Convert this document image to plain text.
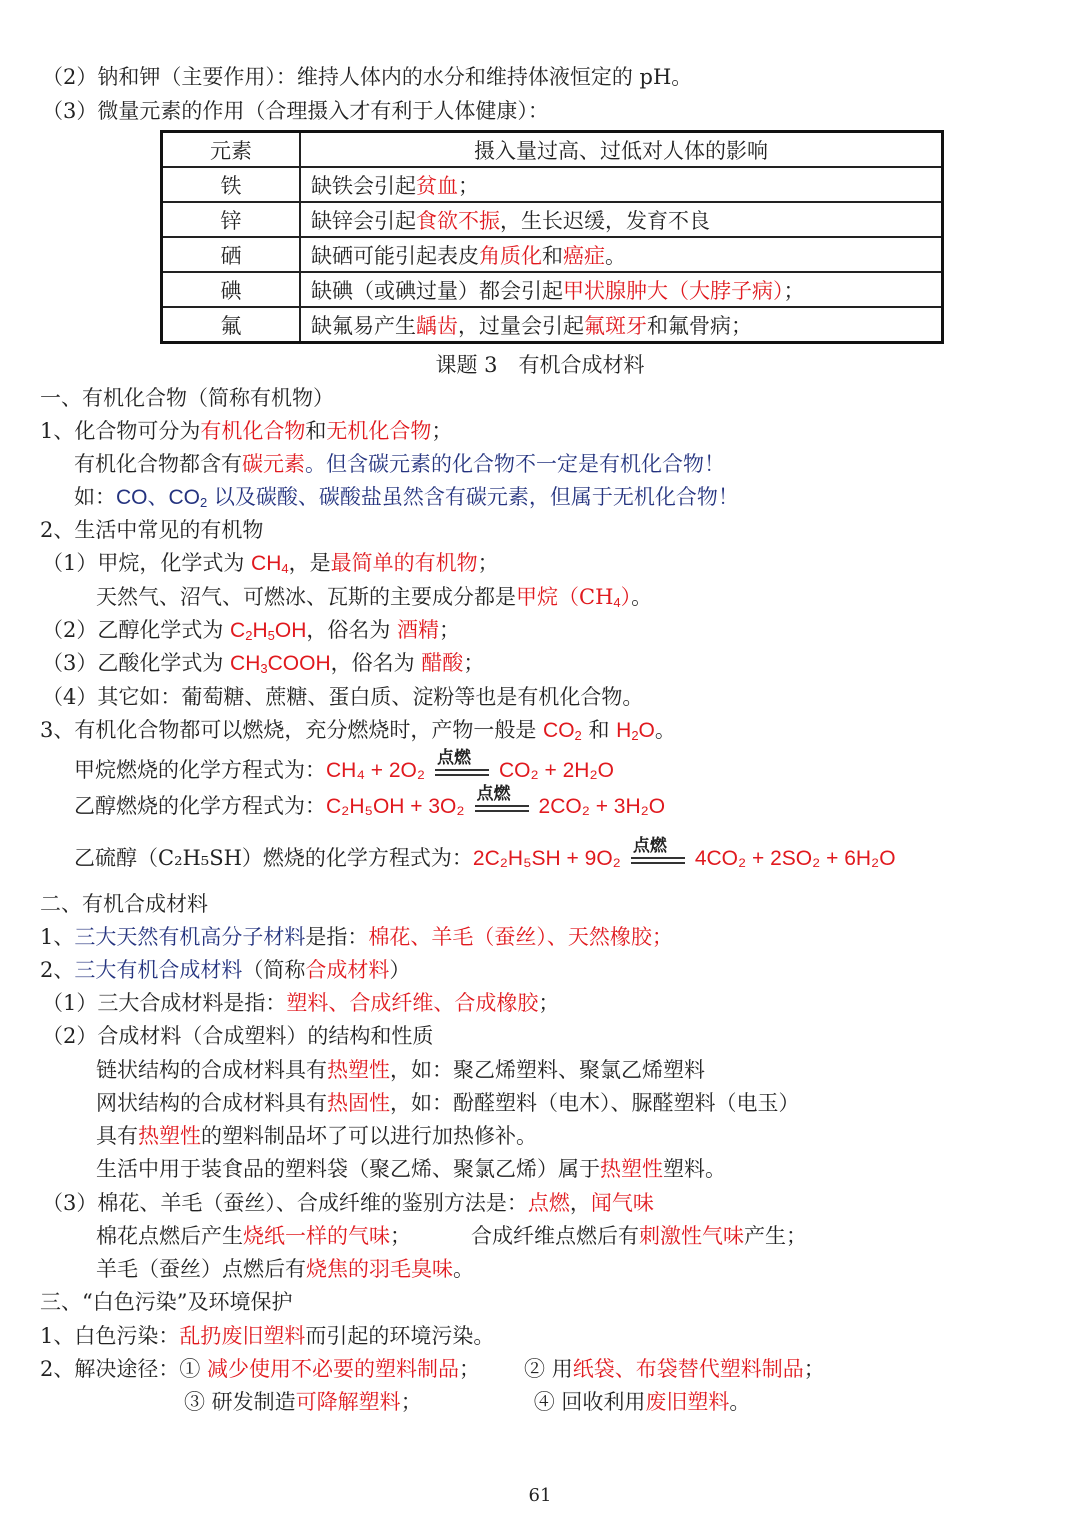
（2）钠和钾（主要作用）：维持人体内的水分和维持体液恒定的 pH。
（3）微量元素的作用（合理摄入才有利于人体健康）：
元素	摄入量过高、过低对人体的影响
铁	缺铁会引起贫血；
锌	缺锌会引起食欲不振，生长迟缓，发育不良
硒	缺硒可能引起表皮角质化和癌症。
碘	缺碘（或碘过量）都会引起甲状腺肿大（大脖子病）；
氟	缺氟易产生龋齿，过量会引起氟斑牙和氟骨病；
课题 3　有机合成材料
一、有机化合物（简称有机物）
1、化合物可分为有机化合物和无机化合物；
有机化合物都含有碳元素。但含碳元素的化合物不一定是有机化合物！
如：CO、$CO_2$ 以及碳酸、碳酸盐虽然含有碳元素，但属于无机化合物！
2、生活中常见的有机物
（1）甲烷，化学式为 $CH_4$，是最简单的有机物；
天然气、沼气、可燃冰、瓦斯的主要成分都是甲烷$(CH_4)$。
（2）乙醇化学式为 $C_2H_5OH$，俗名为 酒精；
（3）乙酸化学式为 $CH_3COOH$，俗名为 醋酸；
（4）其它如：葡萄糖、蔗糖、蛋白质、淀粉等也是有机化合物。
3、有机化合物都可以燃烧，充分燃烧时，产物一般是 $CO_2$ 和 $H_2O$。
甲烷燃烧的化学方程式为：CH₄ + 2O₂
点燃
CO₂ + 2H₂O
乙醇燃烧的化学方程式为：C₂H₅OH + 3O₂
点燃
2CO₂ + 3H₂O
乙硫醇（C₂H₅SH）燃烧的化学方程式为：2C₂H₅SH + 9O₂
点燃
4CO₂ + 2SO₂ + 6H₂O
二、有机合成材料
1、三大天然有机高分子材料是指：棉花、羊毛（蚕丝）、天然橡胶；
2、三大有机合成材料（简称合成材料）
（1）三大合成材料是指：塑料、合成纤维、合成橡胶；
（2）合成材料（合成塑料）的结构和性质
链状结构的合成材料具有热塑性，如：聚乙烯塑料、聚氯乙烯塑料
网状结构的合成材料具有热固性，如：酚醛塑料（电木）、脲醛塑料（电玉）
具有热塑性的塑料制品坏了可以进行加热修补。
生活中用于装食品的塑料袋（聚乙烯、聚氯乙烯）属于热塑性塑料。
（3）棉花、羊毛（蚕丝）、合成纤维的鉴别方法是：点燃，闻气味
棉花点燃后产生烧纸一样的气味；	合成纤维点燃后有刺激性气味产生；
羊毛（蚕丝）点燃后有烧焦的羽毛臭味。
三、“白色污染”及环境保护
1、白色污染：乱扔废旧塑料而引起的环境污染。
2、解决途径：① 减少使用不必要的塑料制品； ② 用纸袋、布袋替代塑料制品；
③ 研发制造可降解塑料；	④ 回收利用废旧塑料。
61
